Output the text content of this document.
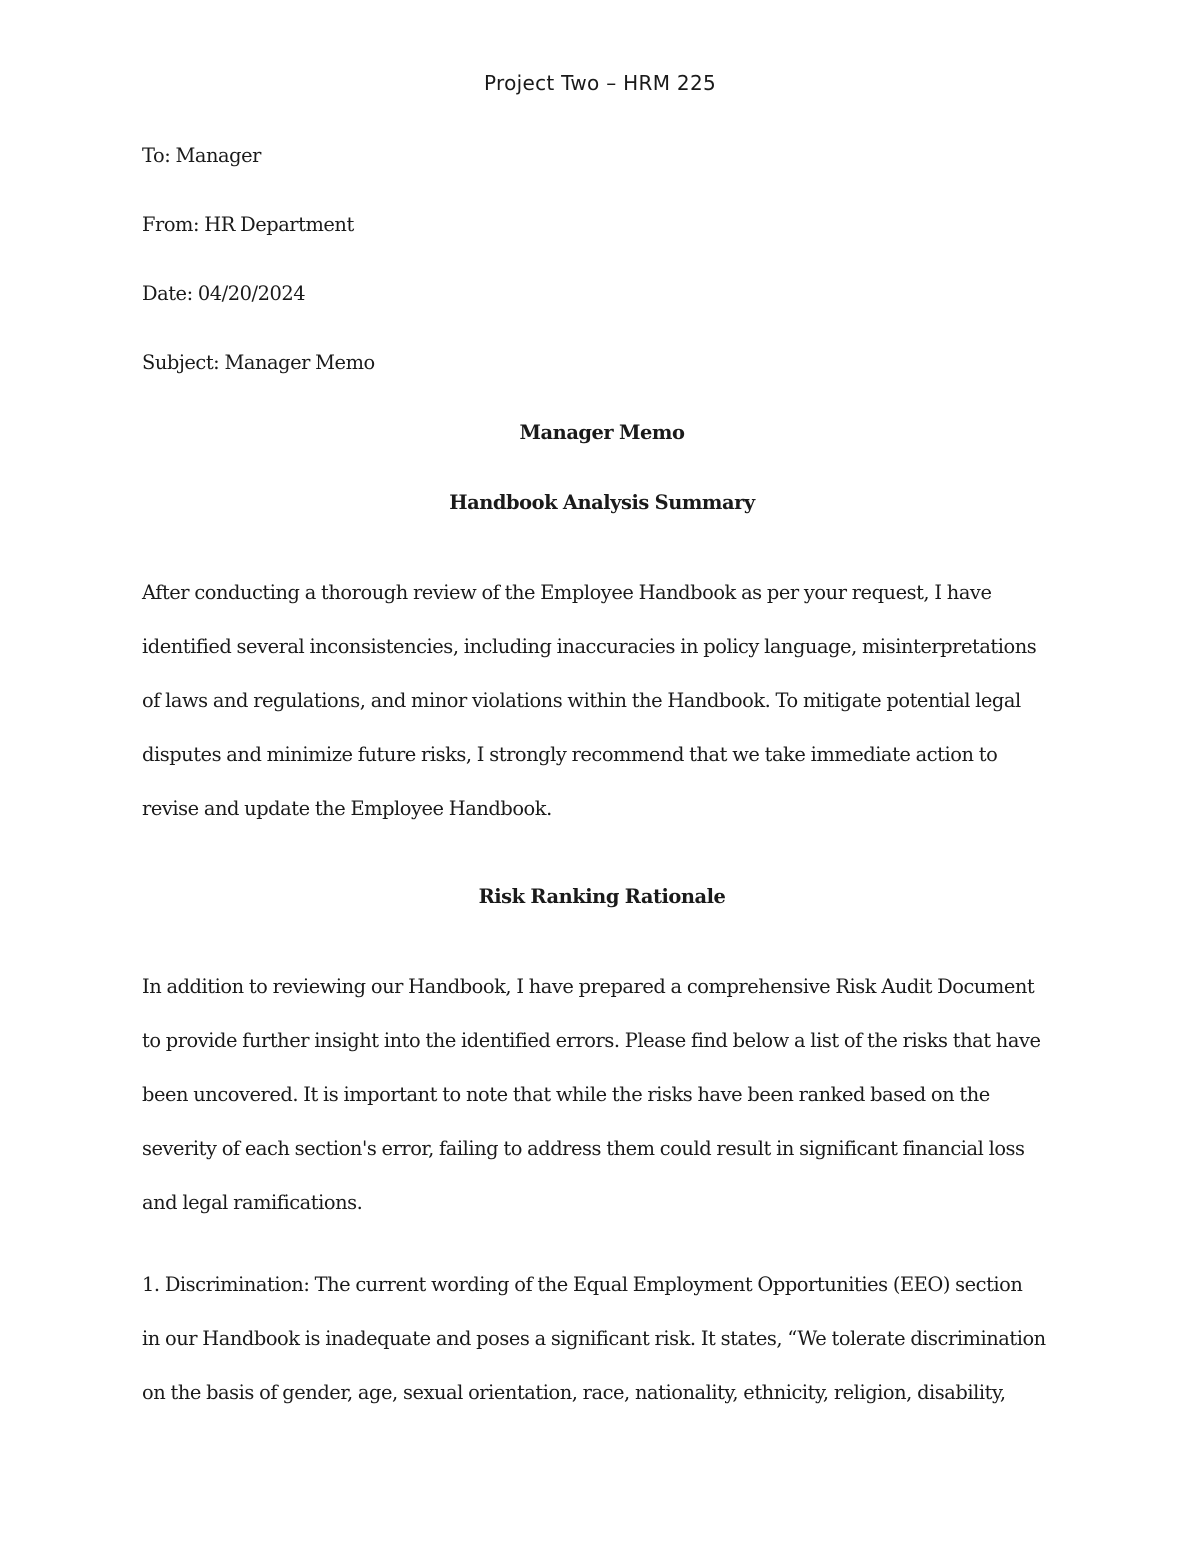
Project Two – HRM 225
To: Manager
From: HR Department
Date: 04/20/2024
Subject: Manager Memo
Manager Memo
Handbook Analysis Summary

After conducting a thorough review of the Employee Handbook as per your request, I have
identified several inconsistencies, including inaccuracies in policy language, misinterpretations
of laws and regulations, and minor violations within the Handbook. To mitigate potential legal
disputes and minimize future risks, I strongly recommend that we take immediate action to
revise and update the Employee Handbook.

Risk Ranking Rationale

In addition to reviewing our Handbook, I have prepared a comprehensive Risk Audit Document
to provide further insight into the identified errors. Please find below a list of the risks that have
been uncovered. It is important to note that while the risks have been ranked based on the
severity of each section's error, failing to address them could result in significant financial loss
and legal ramifications.

1. Discrimination: The current wording of the Equal Employment Opportunities (EEO) section
in our Handbook is inadequate and poses a significant risk. It states, “We tolerate discrimination
on the basis of gender, age, sexual orientation, race, nationality, ethnicity, religion, disability,
